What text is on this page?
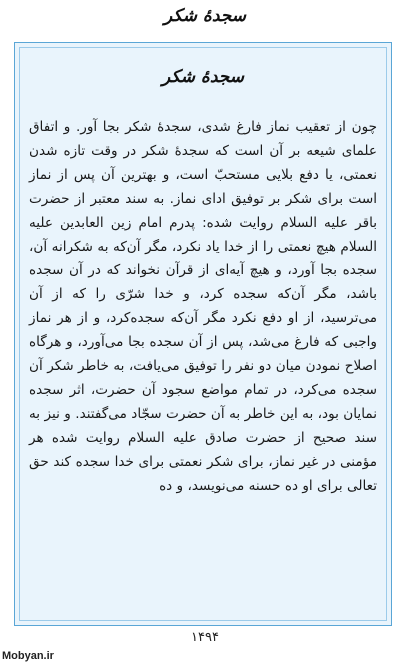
سجدهٔ شکر
سجدهٔ شکر

چون از تعقیب نماز فارغ شدی، سجدهٔ شکر بجا آور. و اتفاق علمای شیعه بر آن است که سجدهٔ شکر در وقت تازه شدن نعمتی، یا دفع بلایی مستحبّ است، و بهترین آن پس از نماز است برای شکر بر توفیق ادای نماز. به سند معتبر از حضرت باقر علیه السلام روایت شده: پدرم امام زین العابدین علیه السلام هیچ نعمتی را از خدا یاد نکرد، مگر آن‌که به شکرانه آن، سجده بجا آورد، و هیچ آیه‌ای از قرآن نخواند که در آن سجده باشد، مگر آن‌که سجده کرد، و خدا شرّی را که از آن می‌ترسید، از او دفع نکرد مگر آن‌که سجده‌کرد، و از هر نماز واجبی که فارغ می‌شد، پس از آن سجده بجا می‌آورد، و هرگاه اصلاح نمودن میان دو نفر را توفیق می‌یافت، به خاطر شکر آن سجده می‌کرد، در تمام مواضع سجود آن حضرت، اثر سجده نمایان بود، به این خاطر به آن حضرت سجّاد می‌گفتند. و نیز به سند صحیح از حضرت صادق علیه السلام روایت شده هر مؤمنی در غیر نماز، برای شکر نعمتی برای خدا سجده کند حق تعالی برای او ده حسنه می‌نویسد، و ده

۱۴۹۴
Mobyan.ir
